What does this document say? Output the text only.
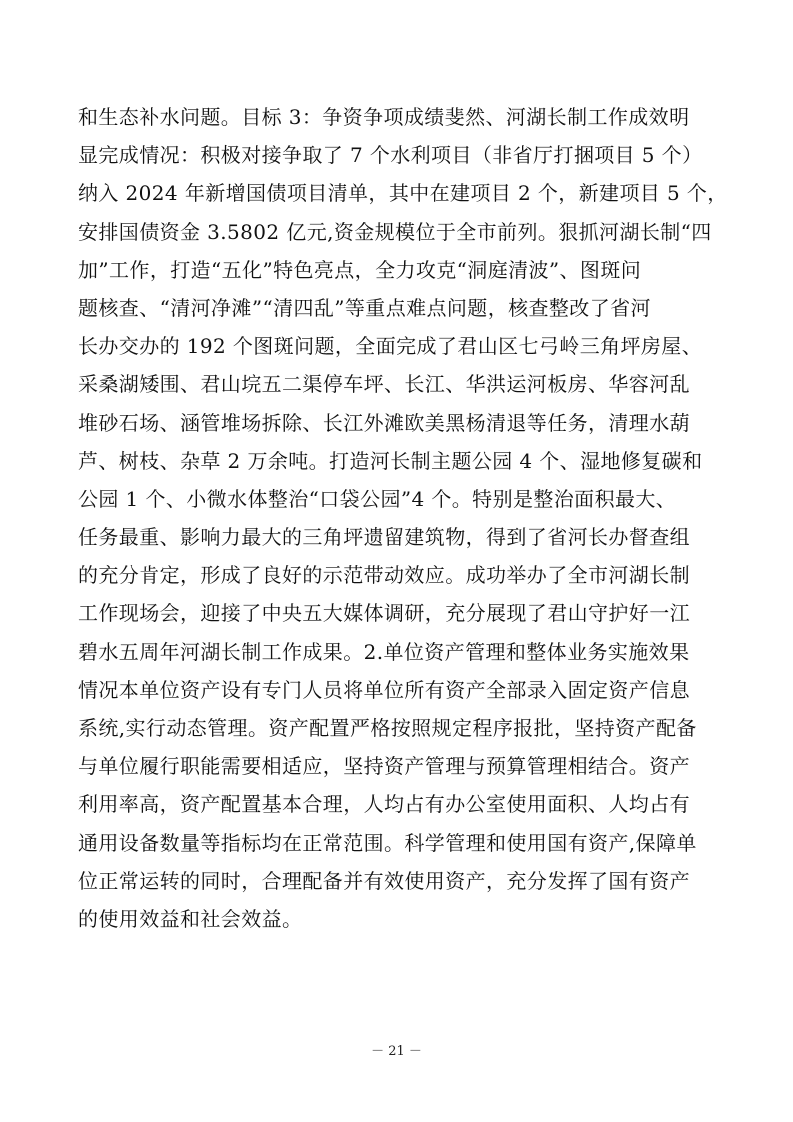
和生态补水问题。目标 3：争资争项成绩斐然、河湖长制工作成效明
显完成情况：积极对接争取了 7 个水利项目（非省厅打捆项目 5 个）
纳入 2024 年新增国债项目清单，其中在建项目 2 个，新建项目 5 个，
安排国债资金 3.5802 亿元,资金规模位于全市前列。狠抓河湖长制“四
加”工作，打造“五化”特色亮点，全力攻克“洞庭清波”、图斑问
题核查、“清河净滩”“清四乱”等重点难点问题，核查整改了省河
长办交办的 192 个图斑问题，全面完成了君山区七弓岭三角坪房屋、
采桑湖矮围、君山垸五二渠停车坪、长江、华洪运河板房、华容河乱
堆砂石场、涵管堆场拆除、长江外滩欧美黑杨清退等任务，清理水葫
芦、树枝、杂草 2 万余吨。打造河长制主题公园 4 个、湿地修复碳和
公园 1 个、小微水体整治“口袋公园”4 个。特别是整治面积最大、
任务最重、影响力最大的三角坪遗留建筑物，得到了省河长办督查组
的充分肯定，形成了良好的示范带动效应。成功举办了全市河湖长制
工作现场会，迎接了中央五大媒体调研，充分展现了君山守护好一江
碧水五周年河湖长制工作成果。2.单位资产管理和整体业务实施效果
情况本单位资产设有专门人员将单位所有资产全部录入固定资产信息
系统,实行动态管理。资产配置严格按照规定程序报批，坚持资产配备
与单位履行职能需要相适应，坚持资产管理与预算管理相结合。资产
利用率高，资产配置基本合理，人均占有办公室使用面积、人均占有
通用设备数量等指标均在正常范围。科学管理和使用国有资产,保障单
位正常运转的同时，合理配备并有效使用资产，充分发挥了国有资产
的使用效益和社会效益。
－ 21 －
